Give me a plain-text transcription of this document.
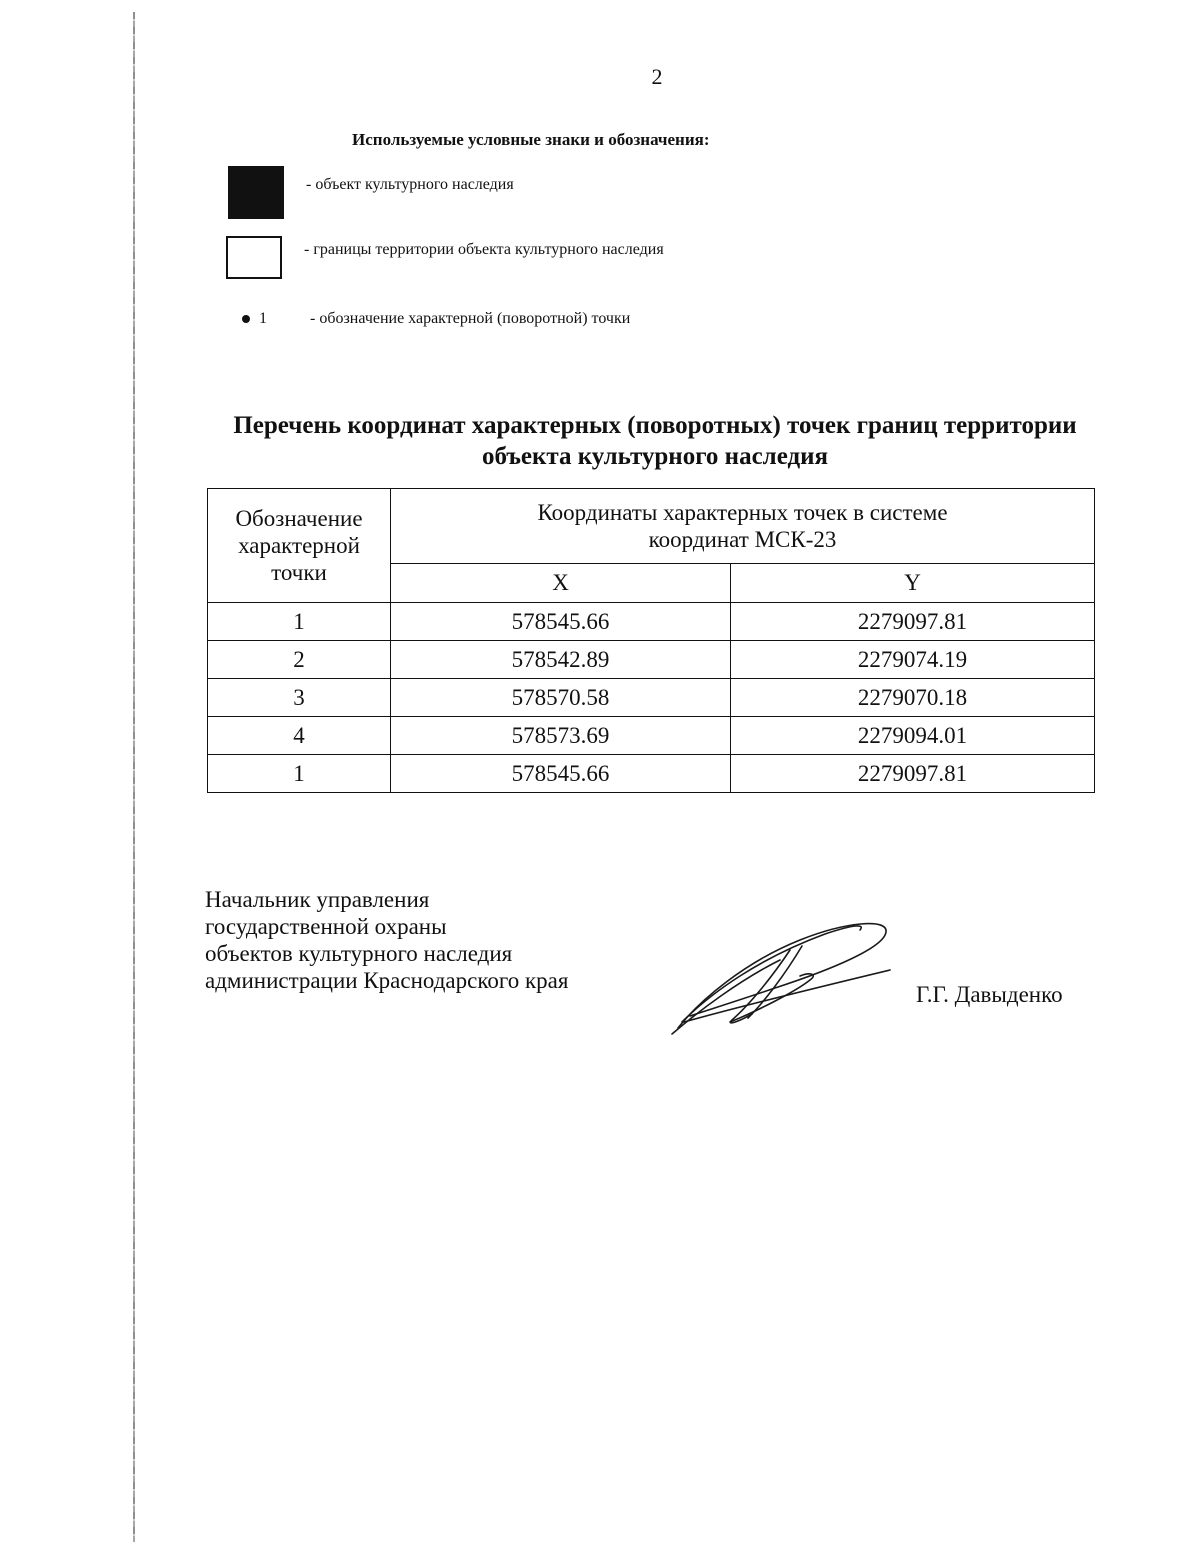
2
Используемые условные знаки и обозначения:
- объект культурного наследия
- границы территории объекта культурного наследия
1	- обозначение характерной (поворотной) точки
Перечень координат характерных (поворотных) точек границ территории
объекта культурного наследия
Обозначение характерной точки	Координаты характерных точек в системе
координат МСК-23	

	X	Y
1	578545.66	2279097.81
2	578542.89	2279074.19
3	578570.58	2279070.18
4	578573.69	2279094.01
1	578545.66	2279097.81
Начальник управления
государственной охраны
объектов культурного наследия
администрации Краснодарского края
Г.Г. Давыденко
